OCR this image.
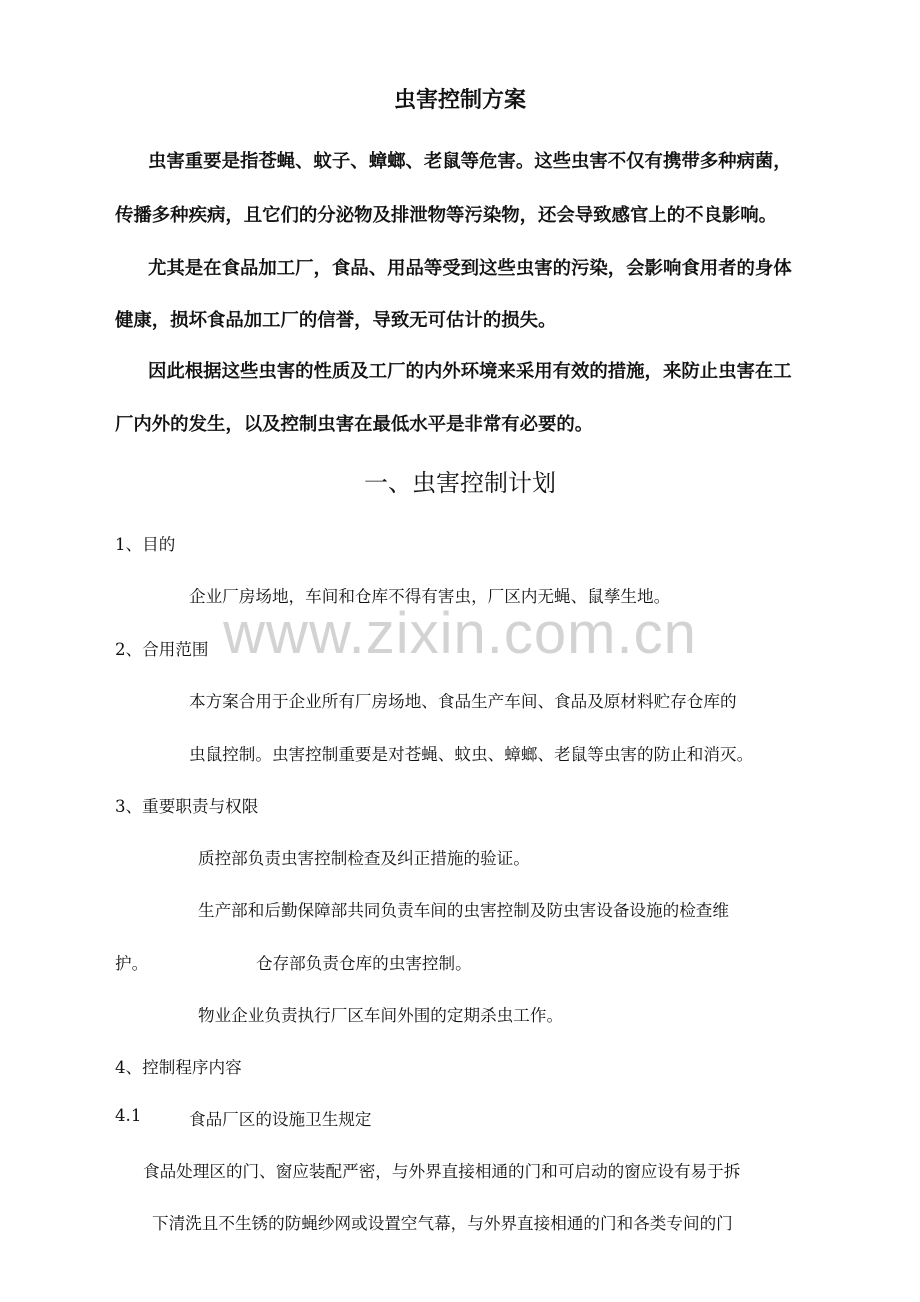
www.zixin.com.cn
虫害控制方案
虫害重要是指苍蝇、蚊子、蟑螂、老鼠等危害。这些虫害不仅有携带多种病菌，
传播多种疾病，且它们的分泌物及排泄物等污染物，还会导致感官上的不良影响。
尤其是在食品加工厂，食品、用品等受到这些虫害的污染，会影响食用者的身体
健康，损坏食品加工厂的信誉，导致无可估计的损失。
因此根据这些虫害的性质及工厂的内外环境来采用有效的措施，来防止虫害在工
厂内外的发生，以及控制虫害在最低水平是非常有必要的。
一、虫害控制计划
1、目的
企业厂房场地，车间和仓库不得有害虫，厂区内无蝇、鼠孳生地。
2、合用范围
本方案合用于企业所有厂房场地、食品生产车间、食品及原材料贮存仓库的
虫鼠控制。虫害控制重要是对苍蝇、蚊虫、蟑螂、老鼠等虫害的防止和消灭。
3、重要职责与权限
质控部负责虫害控制检查及纠正措施的验证。
生产部和后勤保障部共同负责车间的虫害控制及防虫害设备设施的检查维
护。	仓存部负责仓库的虫害控制。
物业企业负责执行厂区车间外围的定期杀虫工作。
4、控制程序内容
4.1	食品厂区的设施卫生规定
食品处理区的门、窗应装配严密，与外界直接相通的门和可启动的窗应设有易于拆
下清洗且不生锈的防蝇纱网或设置空气幕，与外界直接相通的门和各类专间的门
